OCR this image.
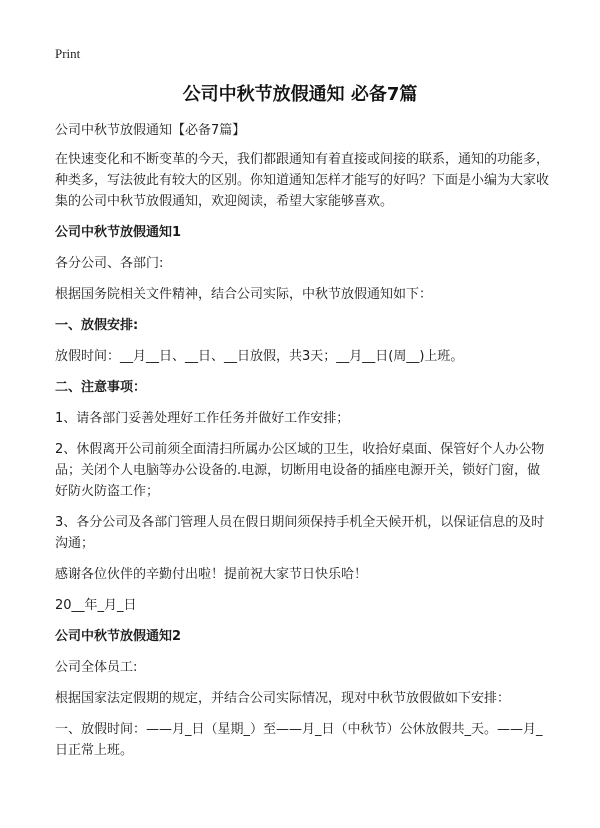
Print
公司中秋节放假通知 必备7篇

公司中秋节放假通知【必备7篇】

在快速变化和不断变革的今天，我们都跟通知有着直接或间接的联系，通知的功能多，种类多，写法彼此有较大的区别。你知道通知怎样才能写的好吗？下面是小编为大家收集的公司中秋节放假通知，欢迎阅读，希望大家能够喜欢。

公司中秋节放假通知1

各分公司、各部门:

根据国务院相关文件精神，结合公司实际，中秋节放假通知如下：

一、放假安排:

放假时间：__月__日、__日、__日放假，共3天；__月__日(周__)上班。

二、注意事项：

1、请各部门妥善处理好工作任务并做好工作安排；

2、休假离开公司前须全面清扫所属办公区域的卫生，收拾好桌面、保管好个人办公物品；关闭个人电脑等办公设备的.电源，切断用电设备的插座电源开关，锁好门窗，做好防火防盗工作；

3、各分公司及各部门管理人员在假日期间须保持手机全天候开机，以保证信息的及时沟通；

感谢各位伙伴的辛勤付出啦！提前祝大家节日快乐哈！

20__年_月_日

公司中秋节放假通知2

公司全体员工:

根据国家法定假期的规定，并结合公司实际情况，现对中秋节放假做如下安排：

一、放假时间：——月_日（星期_）至——月_日（中秋节）公休放假共_天。——月_日正常上班。
